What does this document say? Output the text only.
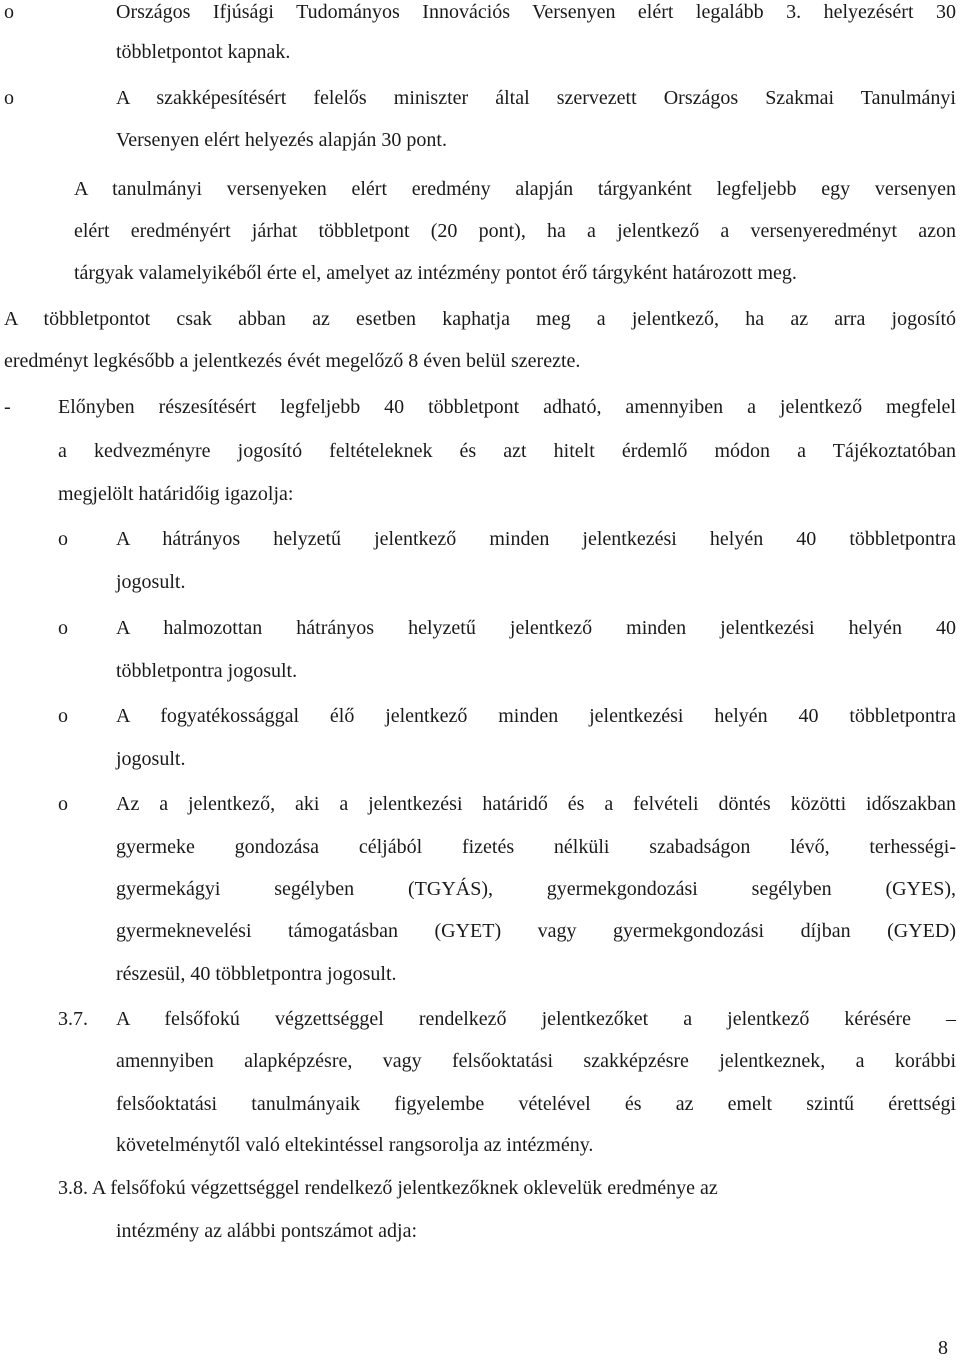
o	Országos Ifjúsági Tudományos Innovációs Versenyen elért legalább 3. helyezésért 30
többletpontot kapnak.
o	A szakképesítésért felelős miniszter által szervezett Országos Szakmai Tanulmányi
Versenyen elért helyezés alapján 30 pont.
A tanulmányi versenyeken elért eredmény alapján tárgyanként legfeljebb egy versenyen
elért eredményért járhat többletpont (20 pont), ha a jelentkező a versenyeredményt azon
tárgyak valamelyikéből érte el, amelyet az intézmény pontot érő tárgyként határozott meg.
A többletpontot csak abban az esetben kaphatja meg a jelentkező, ha az arra jogosító
eredményt legkésőbb a jelentkezés évét megelőző 8 éven belül szerezte.
- Előnyben részesítésért legfeljebb 40 többletpont adható, amennyiben a jelentkező megfelel
a kedvezményre jogosító feltételeknek és azt hitelt érdemlő módon a Tájékoztatóban
megjelölt határidőig igazolja:
o A hátrányos helyzetű jelentkező minden jelentkezési helyén 40 többletpontra
jogosult.
o A halmozottan hátrányos helyzetű jelentkező minden jelentkezési helyén 40
többletpontra jogosult.
o A fogyatékossággal élő jelentkező minden jelentkezési helyén 40 többletpontra
jogosult.
o Az a jelentkező, aki a jelentkezési határidő és a felvételi döntés közötti időszakban
gyermeke gondozása céljából fizetés nélküli szabadságon lévő, terhességi-
gyermekágyi segélyben (TGYÁS), gyermekgondozási segélyben (GYES),
gyermeknevelési támogatásban (GYET) vagy gyermekgondozási díjban (GYED)
részesül, 40 többletpontra jogosult.
3.7. A felsőfokú végzettséggel rendelkező jelentkezőket a jelentkező kérésére –
amennyiben alapképzésre, vagy felsőoktatási szakképzésre jelentkeznek, a korábbi
felsőoktatási tanulmányaik figyelembe vételével és az emelt szintű érettségi
követelménytől való eltekintéssel rangsorolja az intézmény.
3.8. A felsőfokú végzettséggel rendelkező jelentkezőknek oklevelük eredménye az
intézmény az alábbi pontszámot adja:
8
